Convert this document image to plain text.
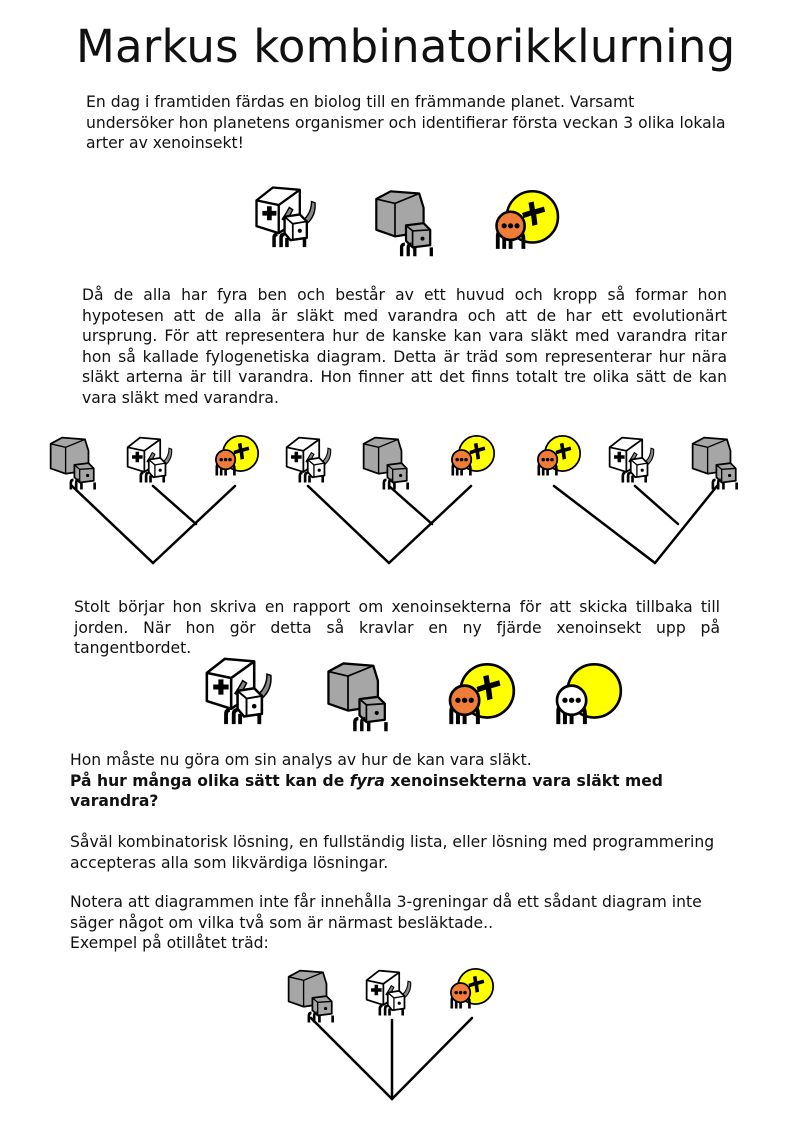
Markus kombinatorikklurning

En dag i framtiden färdas en biolog till en främmande planet. Varsamt undersöker hon planetens organismer och identifierar första veckan 3 olika lokala arter av xenoinsekt!

Då de alla har fyra ben och består av ett huvud och kropp så formar hon hypotesen att de alla är släkt med varandra och att de har ett evolutionärt ursprung. För att representera hur de kanske kan vara släkt med varandra ritar hon så kallade fylogenetiska diagram. Detta är träd som representerar hur nära släkt arterna är till varandra. Hon finner att det finns totalt tre olika sätt de kan vara släkt med varandra.

Stolt börjar hon skriva en rapport om xenoinsekterna för att skicka tillbaka till jorden. När hon gör detta så kravlar en ny fjärde xenoinsekt upp på tangentbordet.

Hon måste nu göra om sin analys av hur de kan vara släkt.
På hur många olika sätt kan de fyra xenoinsekterna vara släkt med varandra?

Såväl kombinatorisk lösning, en fullständig lista, eller lösning med programmering accepteras alla som likvärdiga lösningar.

Notera att diagrammen inte får innehålla 3-greningar då ett sådant diagram inte säger något om vilka två som är närmast besläktade..
Exempel på otillåtet träd:
